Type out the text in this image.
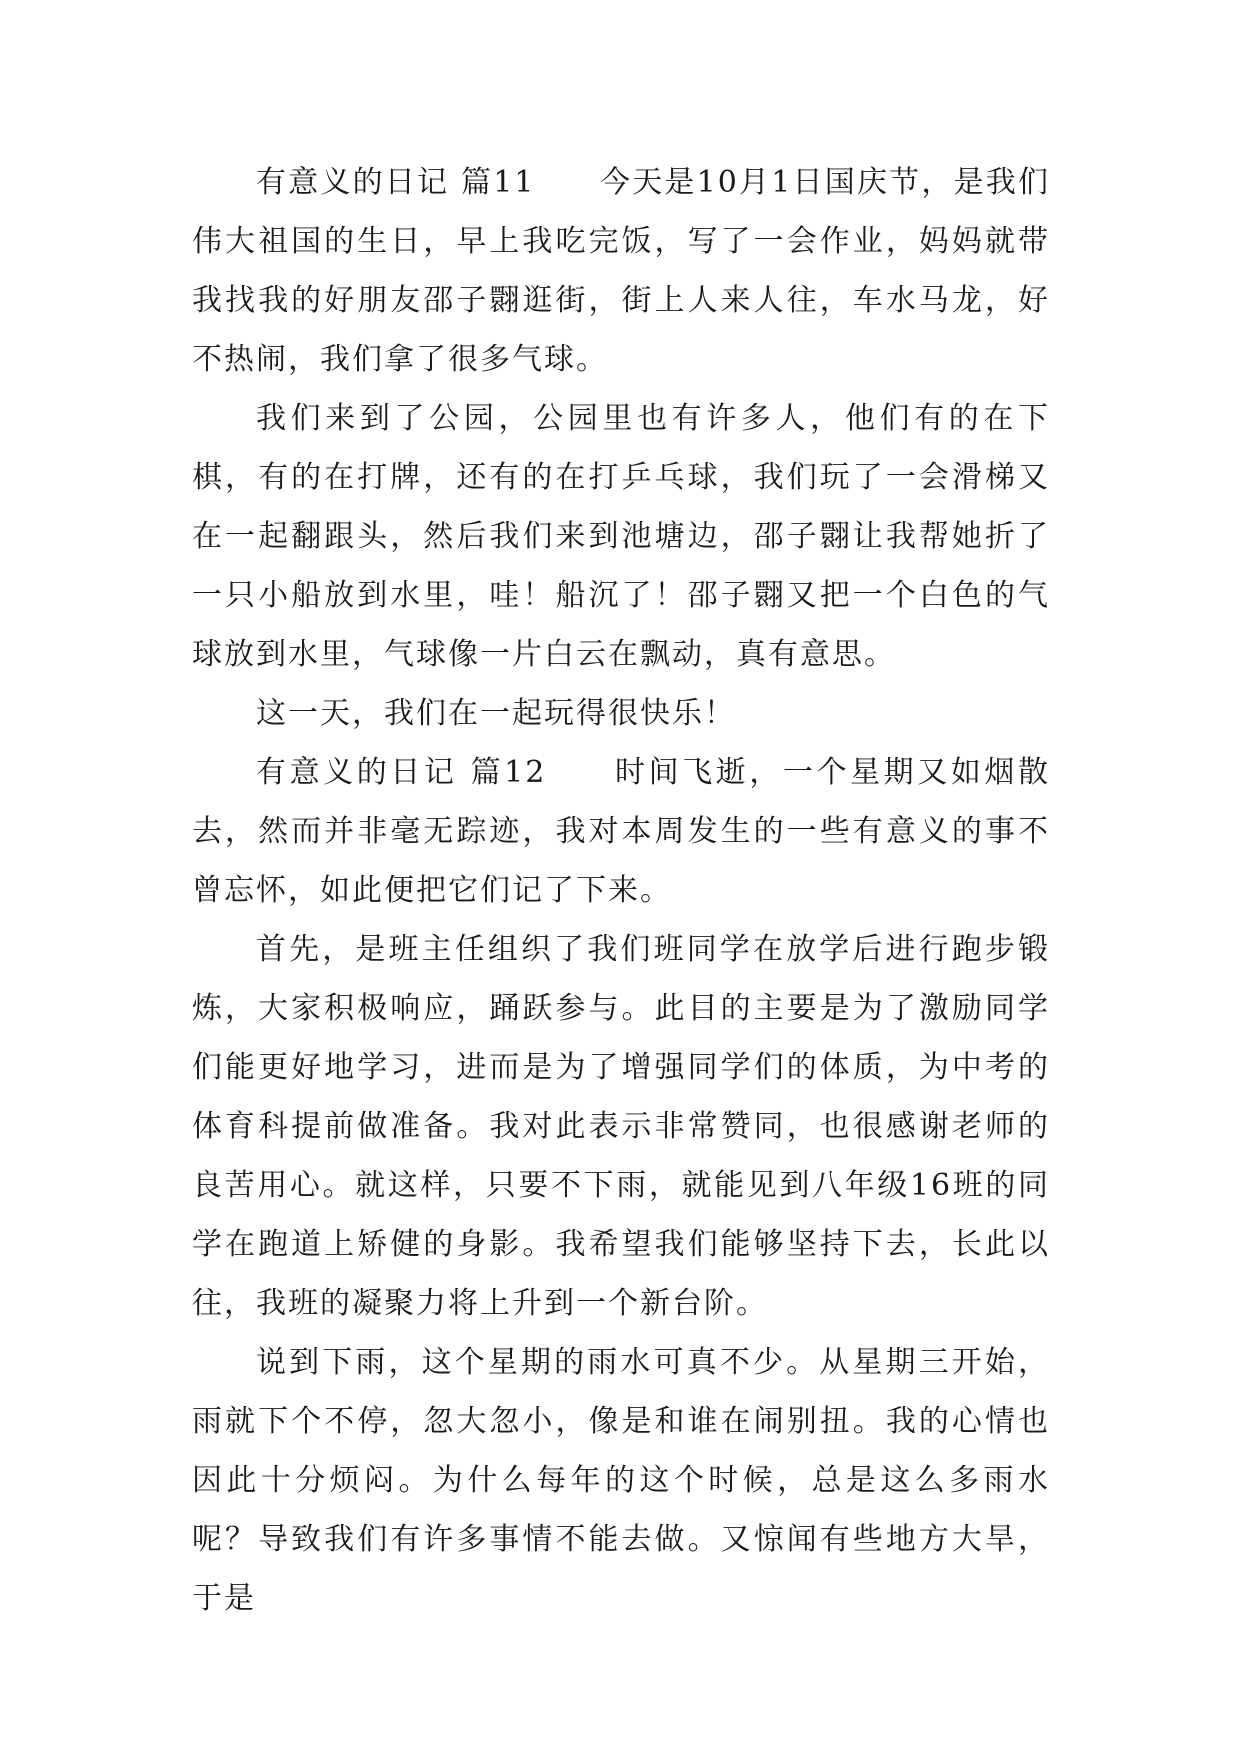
有意义的日记 篇11　　今天是10月1日国庆节，是我们伟大祖国的生日，早上我吃完饭，写了一会作业，妈妈就带我找我的好朋友邵子翾逛街，街上人来人往，车水马龙，好不热闹，我们拿了很多气球。

我们来到了公园，公园里也有许多人，他们有的在下棋，有的在打牌，还有的在打乒乓球，我们玩了一会滑梯又在一起翻跟头，然后我们来到池塘边，邵子翾让我帮她折了一只小船放到水里，哇！船沉了！邵子翾又把一个白色的气球放到水里，气球像一片白云在飘动，真有意思。

这一天，我们在一起玩得很快乐！

有意义的日记 篇12　　时间飞逝，一个星期又如烟散去，然而并非毫无踪迹，我对本周发生的一些有意义的事不曾忘怀，如此便把它们记了下来。

首先，是班主任组织了我们班同学在放学后进行跑步锻炼，大家积极响应，踊跃参与。此目的主要是为了激励同学们能更好地学习，进而是为了增强同学们的体质，为中考的体育科提前做准备。我对此表示非常赞同，也很感谢老师的良苦用心。就这样，只要不下雨，就能见到八年级16班的同学在跑道上矫健的身影。我希望我们能够坚持下去，长此以往，我班的凝聚力将上升到一个新台阶。

说到下雨，这个星期的雨水可真不少。从星期三开始，雨就下个不停，忽大忽小，像是和谁在闹别扭。我的心情也因此十分烦闷。为什么每年的这个时候，总是这么多雨水呢？导致我们有许多事情不能去做。又惊闻有些地方大旱，于是
